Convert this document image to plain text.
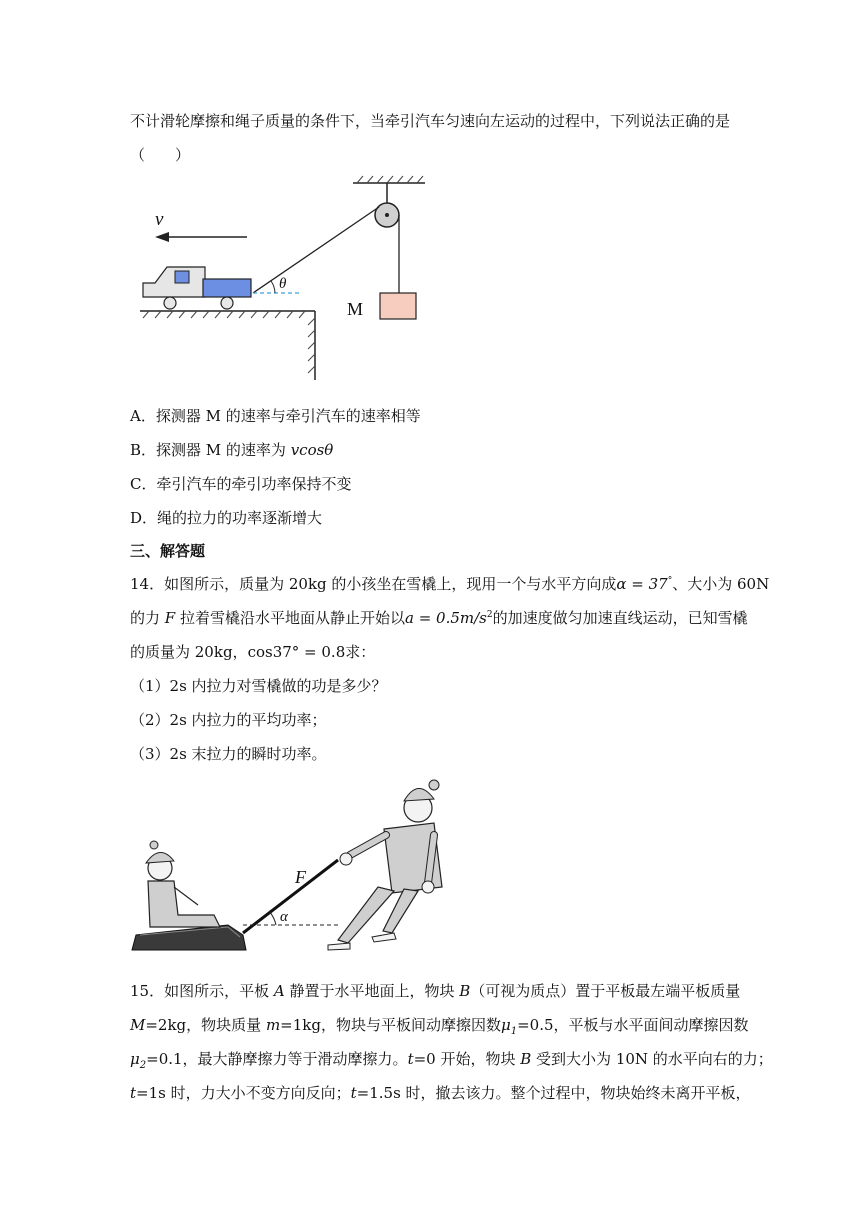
不计滑轮摩擦和绳子质量的条件下，当牵引汽车匀速向左运动的过程中，下列说法正确的是
（　　）
M
v
θ
A．探测器 M 的速率与牵引汽车的速率相等
B．探测器 M 的速率为 vcosθ
C．牵引汽车的牵引功率保持不变
D．绳的拉力的功率逐渐增大
三、解答题
14．如图所示，质量为 20kg 的小孩坐在雪橇上，现用一个与水平方向成α = 37°、大小为 60N
的力 F 拉着雪橇沿水平地面从静止开始以$a = 0.5m/s^2$的加速度做匀加速直线运动，已知雪橇
的质量为 20kg，cos37° = 0.8求：
（1）2s 内拉力对雪橇做的功是多少？
（2）2s 内拉力的平均功率；
（3）2s 末拉力的瞬时功率。
F
α
15．如图所示，平板 A 静置于水平地面上，物块 B（可视为质点）置于平板最左端平板质量
M=2kg，物块质量 m=1kg，物块与平板间动摩擦因数$\mu_1=0.5$，平板与水平面间动摩擦因数
$\mu_2=0.1$，最大静摩擦力等于滑动摩擦力。t=0 开始，物块 B 受到大小为 10N 的水平向右的力；
t=1s 时，力大小不变方向反向；t=1.5s 时，撤去该力。整个过程中，物块始终未离开平板，
